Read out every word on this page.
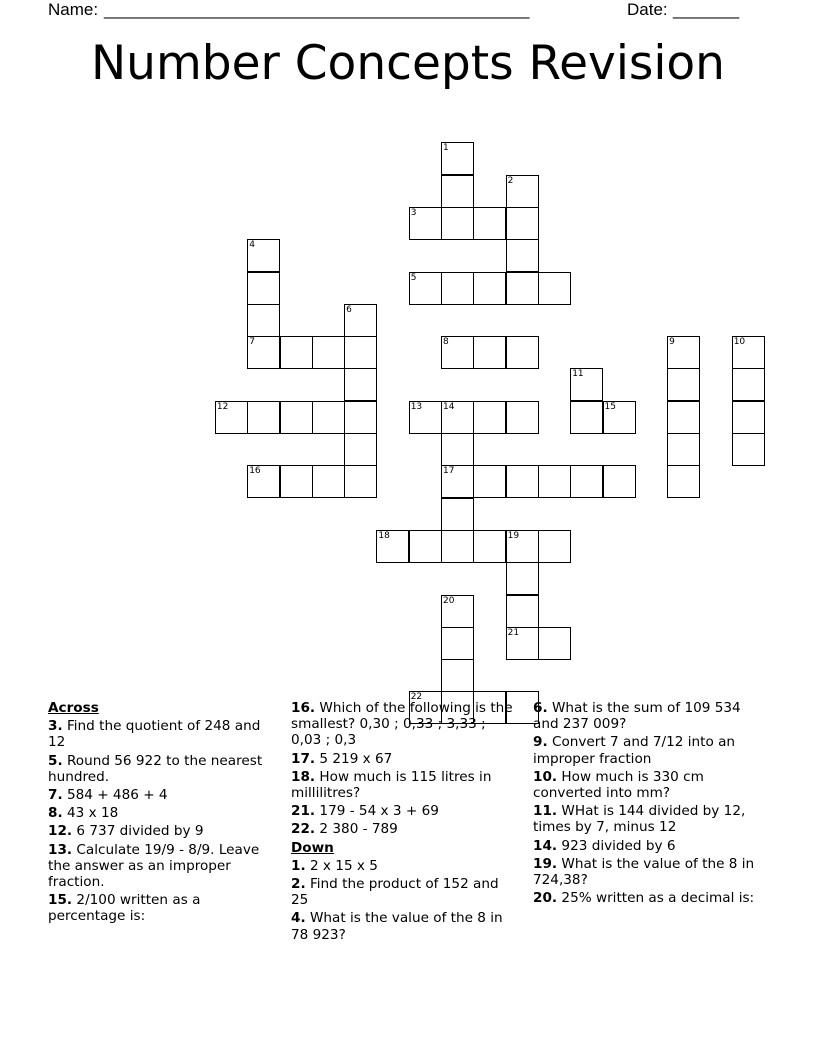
Name: _____________________________________________	Date: _______
Number Concepts Revision
1
2
3
4
7
5
6
8	9	10
11
12	13 14
17
15
16
18	19
21
20
22
Across
3. Find the quotient of 248 and 12
5. Round 56 922 to the nearest hundred.
7. 584 + 486 + 4
8. 43 x 18
12. 6 737 divided by 9
13. Calculate 19/9 - 8/9. Leave the answer as an improper fraction.
15. 2/100 written as a percentage is:
16. Which of the following is the smallest? 0,30 ; 0,33 ; 3,33 ; 0,03 ; 0,3
17. 5 219 x 67
18. How much is 115 litres in millilitres?
21. 179 - 54 x 3 + 69
22. 2 380 - 789
Down
1. 2 x 15 x 5
2. Find the product of 152 and 25
4. What is the value of the 8 in 78 923?
6. What is the sum of 109 534 and 237 009?
9. Convert 7 and 7/12 into an improper fraction
10. How much is 330 cm converted into mm?
11. WHat is 144 divided by 12, times by 7, minus 12
14. 923 divided by 6
19. What is the value of the 8 in 724,38?
20. 25% written as a decimal is:
